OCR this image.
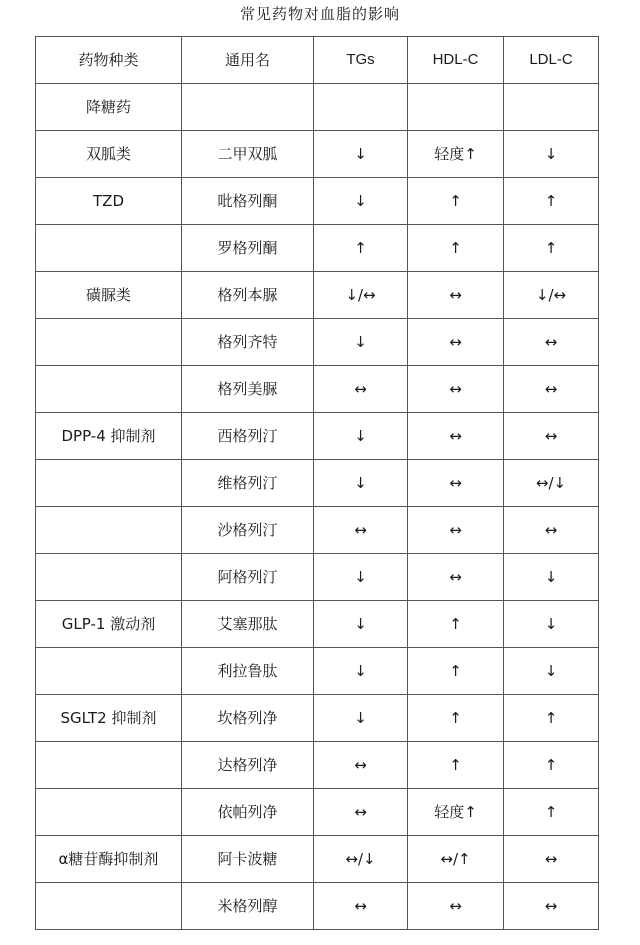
常见药物对血脂的影响
药物种类	通用名	TGs	HDL-C	LDL-C
降糖药				
双胍类	二甲双胍	↓	轻度↑	↓
TZD	吡格列酮	↓	↑	↑
	罗格列酮	↑	↑	↑
磺脲类	格列本脲	↓/↔	↔	↓/↔
	格列齐特	↓	↔	↔
	格列美脲	↔	↔	↔
DPP-4 抑制剂	西格列汀	↓	↔	↔
	维格列汀	↓	↔	↔/↓
	沙格列汀	↔	↔	↔
	阿格列汀	↓	↔	↓
GLP-1 激动剂	艾塞那肽	↓	↑	↓
	利拉鲁肽	↓	↑	↓
SGLT2 抑制剂	坎格列净	↓	↑	↑
	达格列净	↔	↑	↑
	依帕列净	↔	轻度↑	↑
α糖苷酶抑制剂	阿卡波糖	↔/↓	↔/↑	↔
	米格列醇	↔	↔	↔
